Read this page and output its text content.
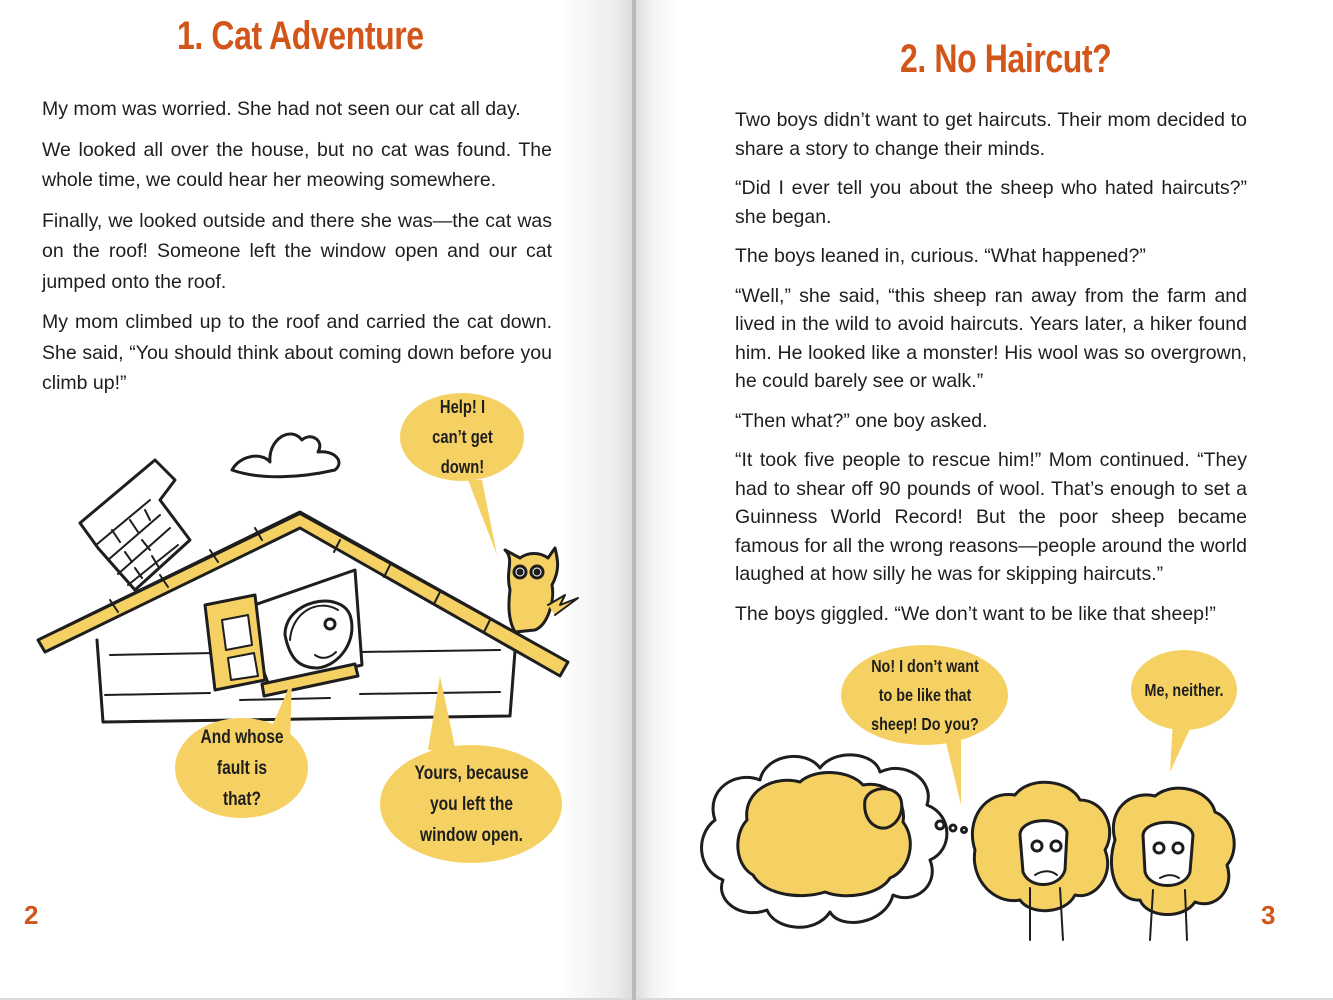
1. Cat Adventure

My mom was worried. She had not seen our cat all day.

We looked all over the house, but no cat was found. The whole time, we could hear her meowing somewhere.

Finally, we looked outside and there she was—the cat was on the roof! Someone left the window open and our cat jumped onto the roof.

My mom climbed up to the roof and carried the cat down. She said, “You should think about coming down before you climb up!”

Help! I can’t get down!
And whose fault is that?
Yours, because you left the window open.
2
2. No Haircut?

Two boys didn’t want to get haircuts. Their mom decided to share a story to change their minds.

“Did I ever tell you about the sheep who hated haircuts?” she began.

The boys leaned in, curious. “What happened?”

“Well,” she said, “this sheep ran away from the farm and lived in the wild to avoid haircuts. Years later, a hiker found him. He looked like a monster! His wool was so overgrown, he could barely see or walk.”

“Then what?” one boy asked.

“It took five people to rescue him!” Mom continued. “They had to shear off 90 pounds of wool. That’s enough to set a Guinness World Record! But the poor sheep became famous for all the wrong reasons—people around the world laughed at how silly he was for skipping haircuts.”

The boys giggled. “We don’t want to be like that sheep!”

No! I don’t want to be like that sheep! Do you?
Me, neither.
3
